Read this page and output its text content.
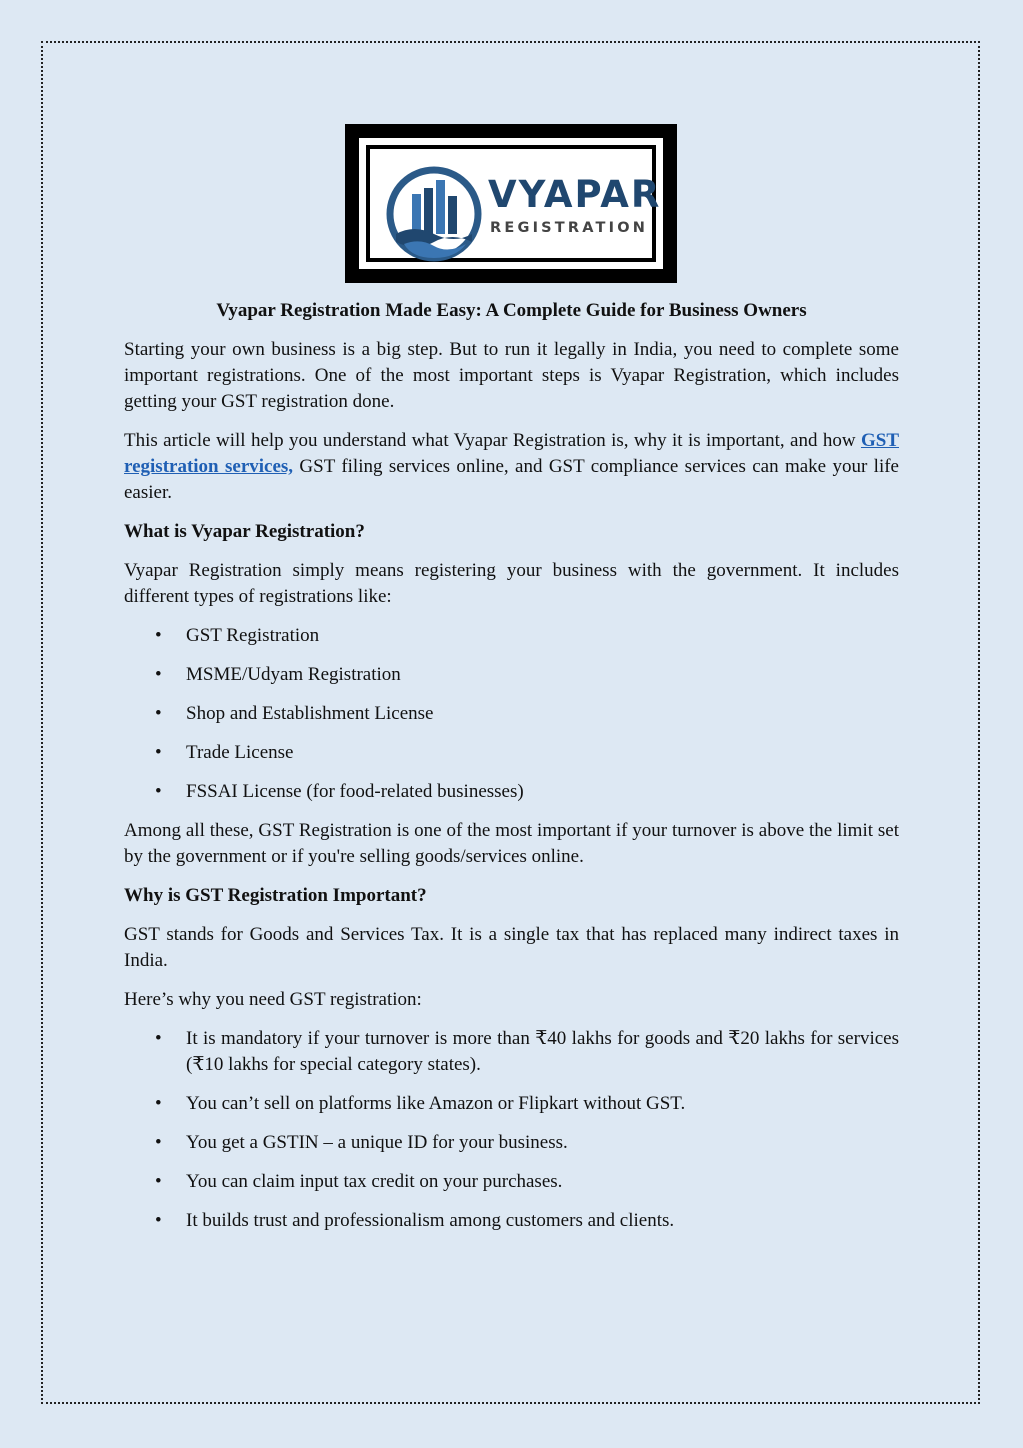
VYAPAR
REGISTRATION
Vyapar Registration Made Easy: A Complete Guide for Business Owners

Starting your own business is a big step. But to run it legally in India, you need to complete some important registrations. One of the most important steps is Vyapar Registration, which includes getting your GST registration done.

This article will help you understand what Vyapar Registration is, why it is important, and how GST registration services, GST filing services online, and GST compliance services can make your life easier.

What is Vyapar Registration?

Vyapar Registration simply means registering your business with the government. It includes different types of registrations like:

• GST Registration
• MSME/Udyam Registration
• Shop and Establishment License
• Trade License
• FSSAI License (for food-related businesses)

Among all these, GST Registration is one of the most important if your turnover is above the limit set by the government or if you're selling goods/services online.

Why is GST Registration Important?

GST stands for Goods and Services Tax. It is a single tax that has replaced many indirect taxes in India.

Here’s why you need GST registration:

• It is mandatory if your turnover is more than ₹40 lakhs for goods and ₹20 lakhs for services (₹10 lakhs for special category states).
• You can’t sell on platforms like Amazon or Flipkart without GST.
• You get a GSTIN – a unique ID for your business.
• You can claim input tax credit on your purchases.
• It builds trust and professionalism among customers and clients.
